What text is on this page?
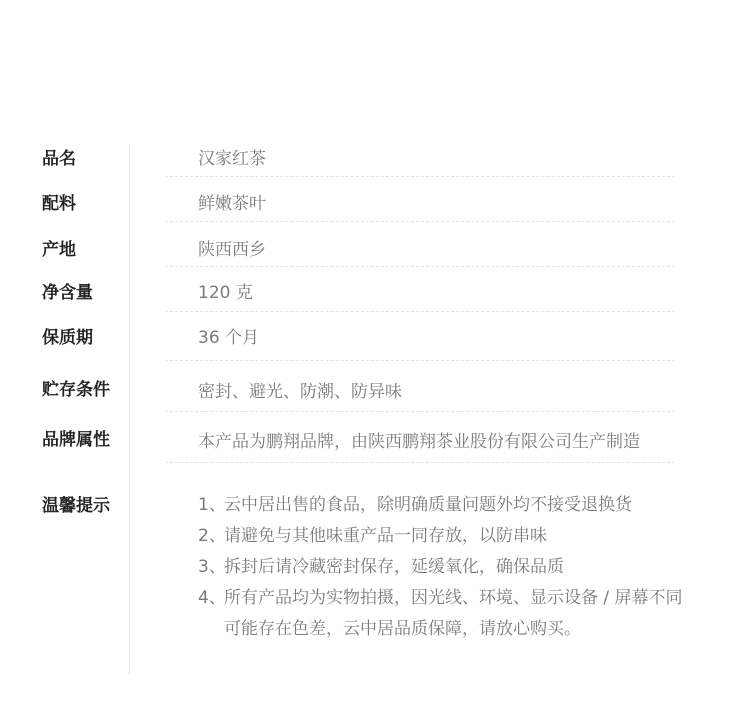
品名	汉家红茶
配料	鲜嫩茶叶
产地	陕西西乡
净含量	120 克
保质期	36 个月
贮存条件	密封、避光、防潮、防异味
品牌属性	本产品为鹏翔品牌，由陕西鹏翔茶业股份有限公司生产制造
温馨提示	1、
云中居出售的食品，除明确质量问题外均不接受退换货
2、
请避免与其他味重产品一同存放，以防串味
3、
拆封后请冷藏密封保存，延缓氧化，确保品质
4、
所有产品均为实物拍摄，因光线、环境、显示设备 / 屏幕不同
可能存在色差，云中居品质保障，请放心购买。
